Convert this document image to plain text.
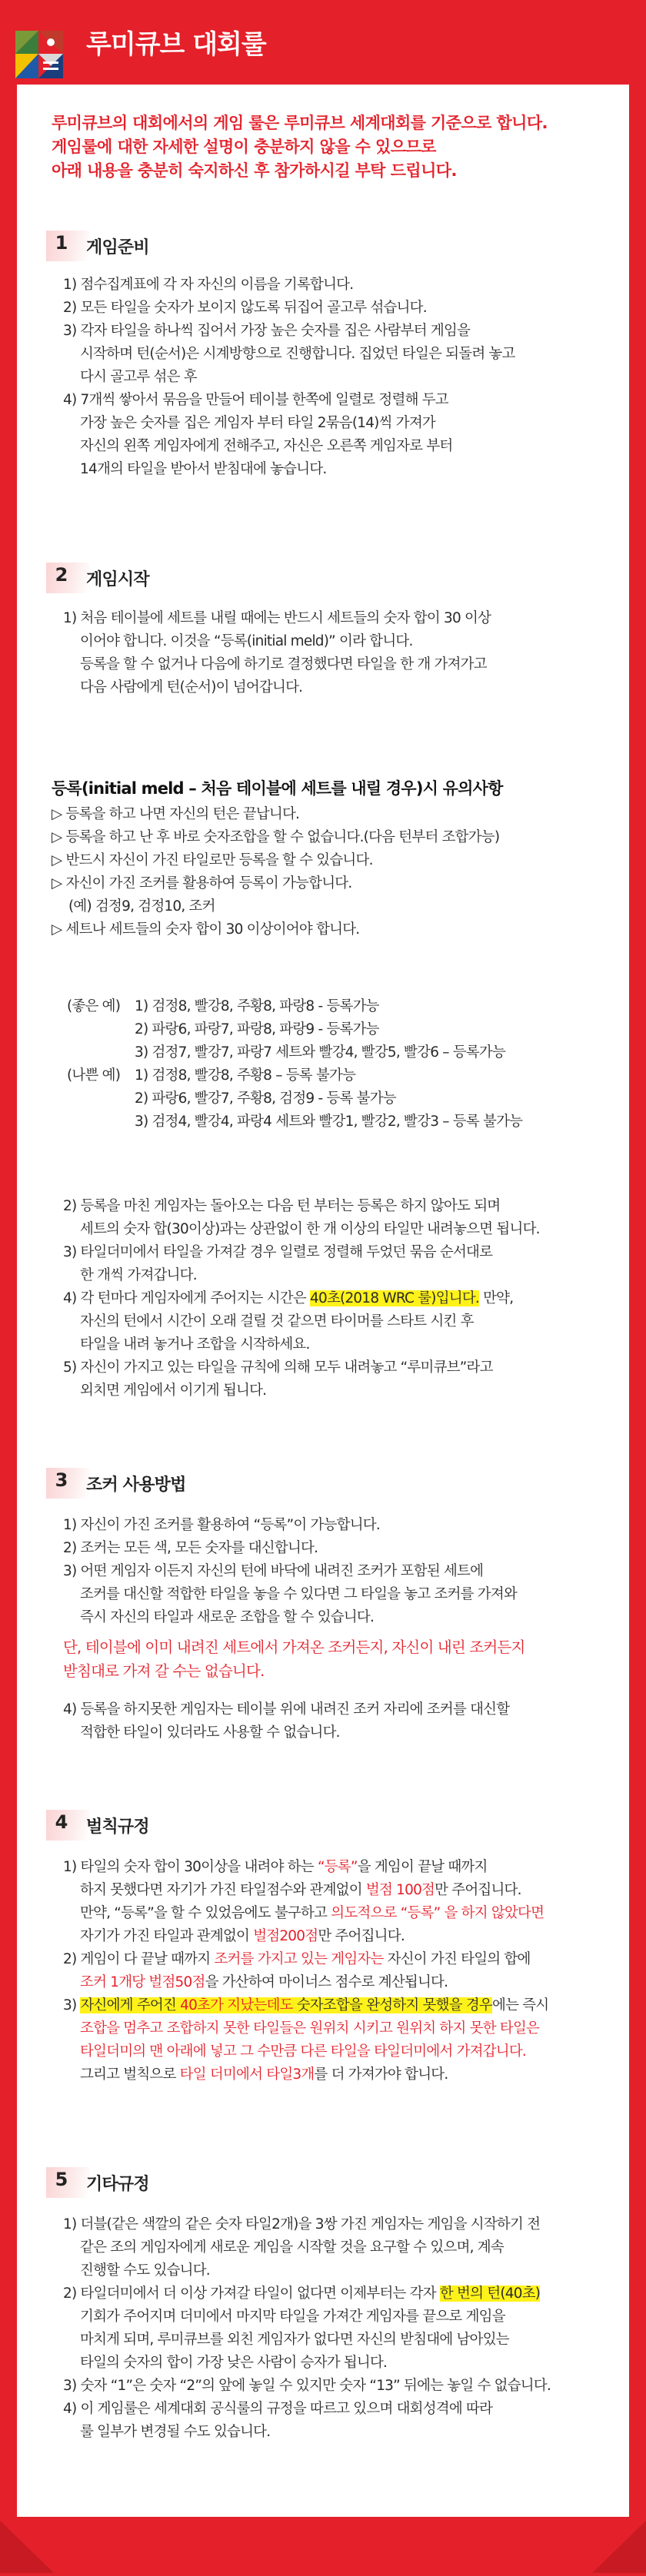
루미큐브 대회룰

루미큐브의 대회에서의 게임 룰은 루미큐브 세계대회를 기준으로 합니다.

게임룰에 대한 자세한 설명이 충분하지 않을 수 있으므로

아래 내용을 충분히 숙지하신 후 참가하시길 부탁 드립니다.

1	게임준비

1) 점수집계표에 각 자 자신의 이름을 기록합니다.

2) 모든 타일을 숫자가 보이지 않도록 뒤집어 골고루 섞습니다.

3) 각자 타일을 하나씩 집어서 가장 높은 숫자를 집은 사람부터 게임을

시작하며 턴(순서)은 시계방향으로 진행합니다. 집었던 타일은 되돌려 놓고

다시 골고루 섞은 후

4) 7개씩 쌓아서 묶음을 만들어 테이블 한쪽에 일렬로 정렬해 두고

가장 높은 숫자를 집은 게임자 부터 타일 2묶음(14)씩 가져가

자신의 왼쪽 게임자에게 전해주고, 자신은 오른쪽 게임자로 부터

14개의 타일을 받아서 받침대에 놓습니다.

2	게임시작

1) 처음 테이블에 세트를 내릴 때에는 반드시 세트들의 숫자 합이 30 이상

이어야 합니다. 이것을 “등록(initial meld)” 이라 합니다.

등록을 할 수 없거나 다음에 하기로 결정했다면 타일을 한 개 가져가고

다음 사람에게 턴(순서)이 넘어갑니다.

등록(initial meld – 처음 테이블에 세트를 내릴 경우)시 유의사항

▷ 등록을 하고 나면 자신의 턴은 끝납니다.

▷ 등록을 하고 난 후 바로 숫자조합을 할 수 없습니다.(다음 턴부터 조합가능)

▷ 반드시 자신이 가진 타일로만 등록을 할 수 있습니다.

▷ 자신이 가진 조커를 활용하여 등록이 가능합니다.

(예) 검정9, 검정10, 조커

▷ 세트나 세트들의 숫자 합이 30 이상이어야 합니다.

(좋은 예) 1) 검정8, 빨강8, 주황8, 파랑8 - 등록가능
2) 파랑6, 파랑7, 파랑8, 파랑9 - 등록가능
3) 검정7, 빨강7, 파랑7 세트와 빨강4, 빨강5, 빨강6 – 등록가능
(나쁜 예) 1) 검정8, 빨강8, 주황8 – 등록 불가능
2) 파랑6, 빨강7, 주황8, 검정9 - 등록 불가능
3) 검정4, 빨강4, 파랑4 세트와 빨강1, 빨강2, 빨강3 – 등록 불가능

2) 등록을 마친 게임자는 돌아오는 다음 턴 부터는 등록은 하지 않아도 되며

세트의 숫자 합(30이상)과는 상관없이 한 개 이상의 타일만 내려놓으면 됩니다.

3) 타일더미에서 타일을 가져갈 경우 일렬로 정렬해 두었던 묶음 순서대로

한 개씩 가져갑니다.

4) 각 턴마다 게임자에게 주어지는 시간은 40초(2018 WRC 룰)입니다. 만약,

자신의 턴에서 시간이 오래 걸릴 것 같으면 타이머를 스타트 시킨 후

타일을 내려 놓거나 조합을 시작하세요.

5) 자신이 가지고 있는 타일을 규칙에 의해 모두 내려놓고 “루미큐브”라고

외치면 게임에서 이기게 됩니다.

3	조커 사용방법

1) 자신이 가진 조커를 활용하여 “등록”이 가능합니다.

2) 조커는 모든 색, 모든 숫자를 대신합니다.

3) 어떤 게임자 이든지 자신의 턴에 바닥에 내려진 조커가 포함된 세트에

조커를 대신할 적합한 타일을 놓을 수 있다면 그 타일을 놓고 조커를 가져와

즉시 자신의 타일과 새로운 조합을 할 수 있습니다.

단, 테이블에 이미 내려진 세트에서 가져온 조커든지, 자신이 내린 조커든지

받침대로 가져 갈 수는 없습니다.

4) 등록을 하지못한 게임자는 테이블 위에 내려진 조커 자리에 조커를 대신할

적합한 타일이 있더라도 사용할 수 없습니다.

4	벌칙규정

1) 타일의 숫자 합이 30이상을 내려야 하는 “등록”을 게임이 끝날 때까지

하지 못했다면 자기가 가진 타일점수와 관계없이 벌점 100점만 주어집니다.

만약, “등록”을 할 수 있었음에도 불구하고 의도적으로 “등록” 을 하지 않았다면

자기가 가진 타일과 관계없이 벌점200점만 주어집니다.

2) 게임이 다 끝날 때까지 조커를 가지고 있는 게임자는 자신이 가진 타일의 합에

조커 1개당 벌점50점을 가산하여 마이너스 점수로 계산됩니다.

3) 자신에게 주어진 40초가 지났는데도 숫자조합을 완성하지 못했을 경우에는 즉시

조합을 멈추고 조합하지 못한 타일들은 원위치 시키고 원위치 하지 못한 타일은

타일더미의 맨 아래에 넣고 그 수만큼 다른 타일을 타일더미에서 가져갑니다.

그리고 벌칙으로 타일 더미에서 타일3개를 더 가져가야 합니다.

5	기타규정

1) 더블(같은 색깔의 같은 숫자 타일2개)을 3쌍 가진 게임자는 게임을 시작하기 전

같은 조의 게임자에게 새로운 게임을 시작할 것을 요구할 수 있으며, 계속

진행할 수도 있습니다.

2) 타일더미에서 더 이상 가져갈 타일이 없다면 이제부터는 각자 한 번의 턴(40초)

기회가 주어지며 더미에서 마지막 타일을 가져간 게임자를 끝으로 게임을

마치게 되며, 루미큐브를 외친 게임자가 없다면 자신의 받침대에 남아있는

타일의 숫자의 합이 가장 낮은 사람이 승자가 됩니다.

3) 숫자 “1”은 숫자 “2”의 앞에 놓일 수 있지만 숫자 “13” 뒤에는 놓일 수 없습니다.

4) 이 게임룰은 세계대회 공식룰의 규정을 따르고 있으며 대회성격에 따라

룰 일부가 변경될 수도 있습니다.
